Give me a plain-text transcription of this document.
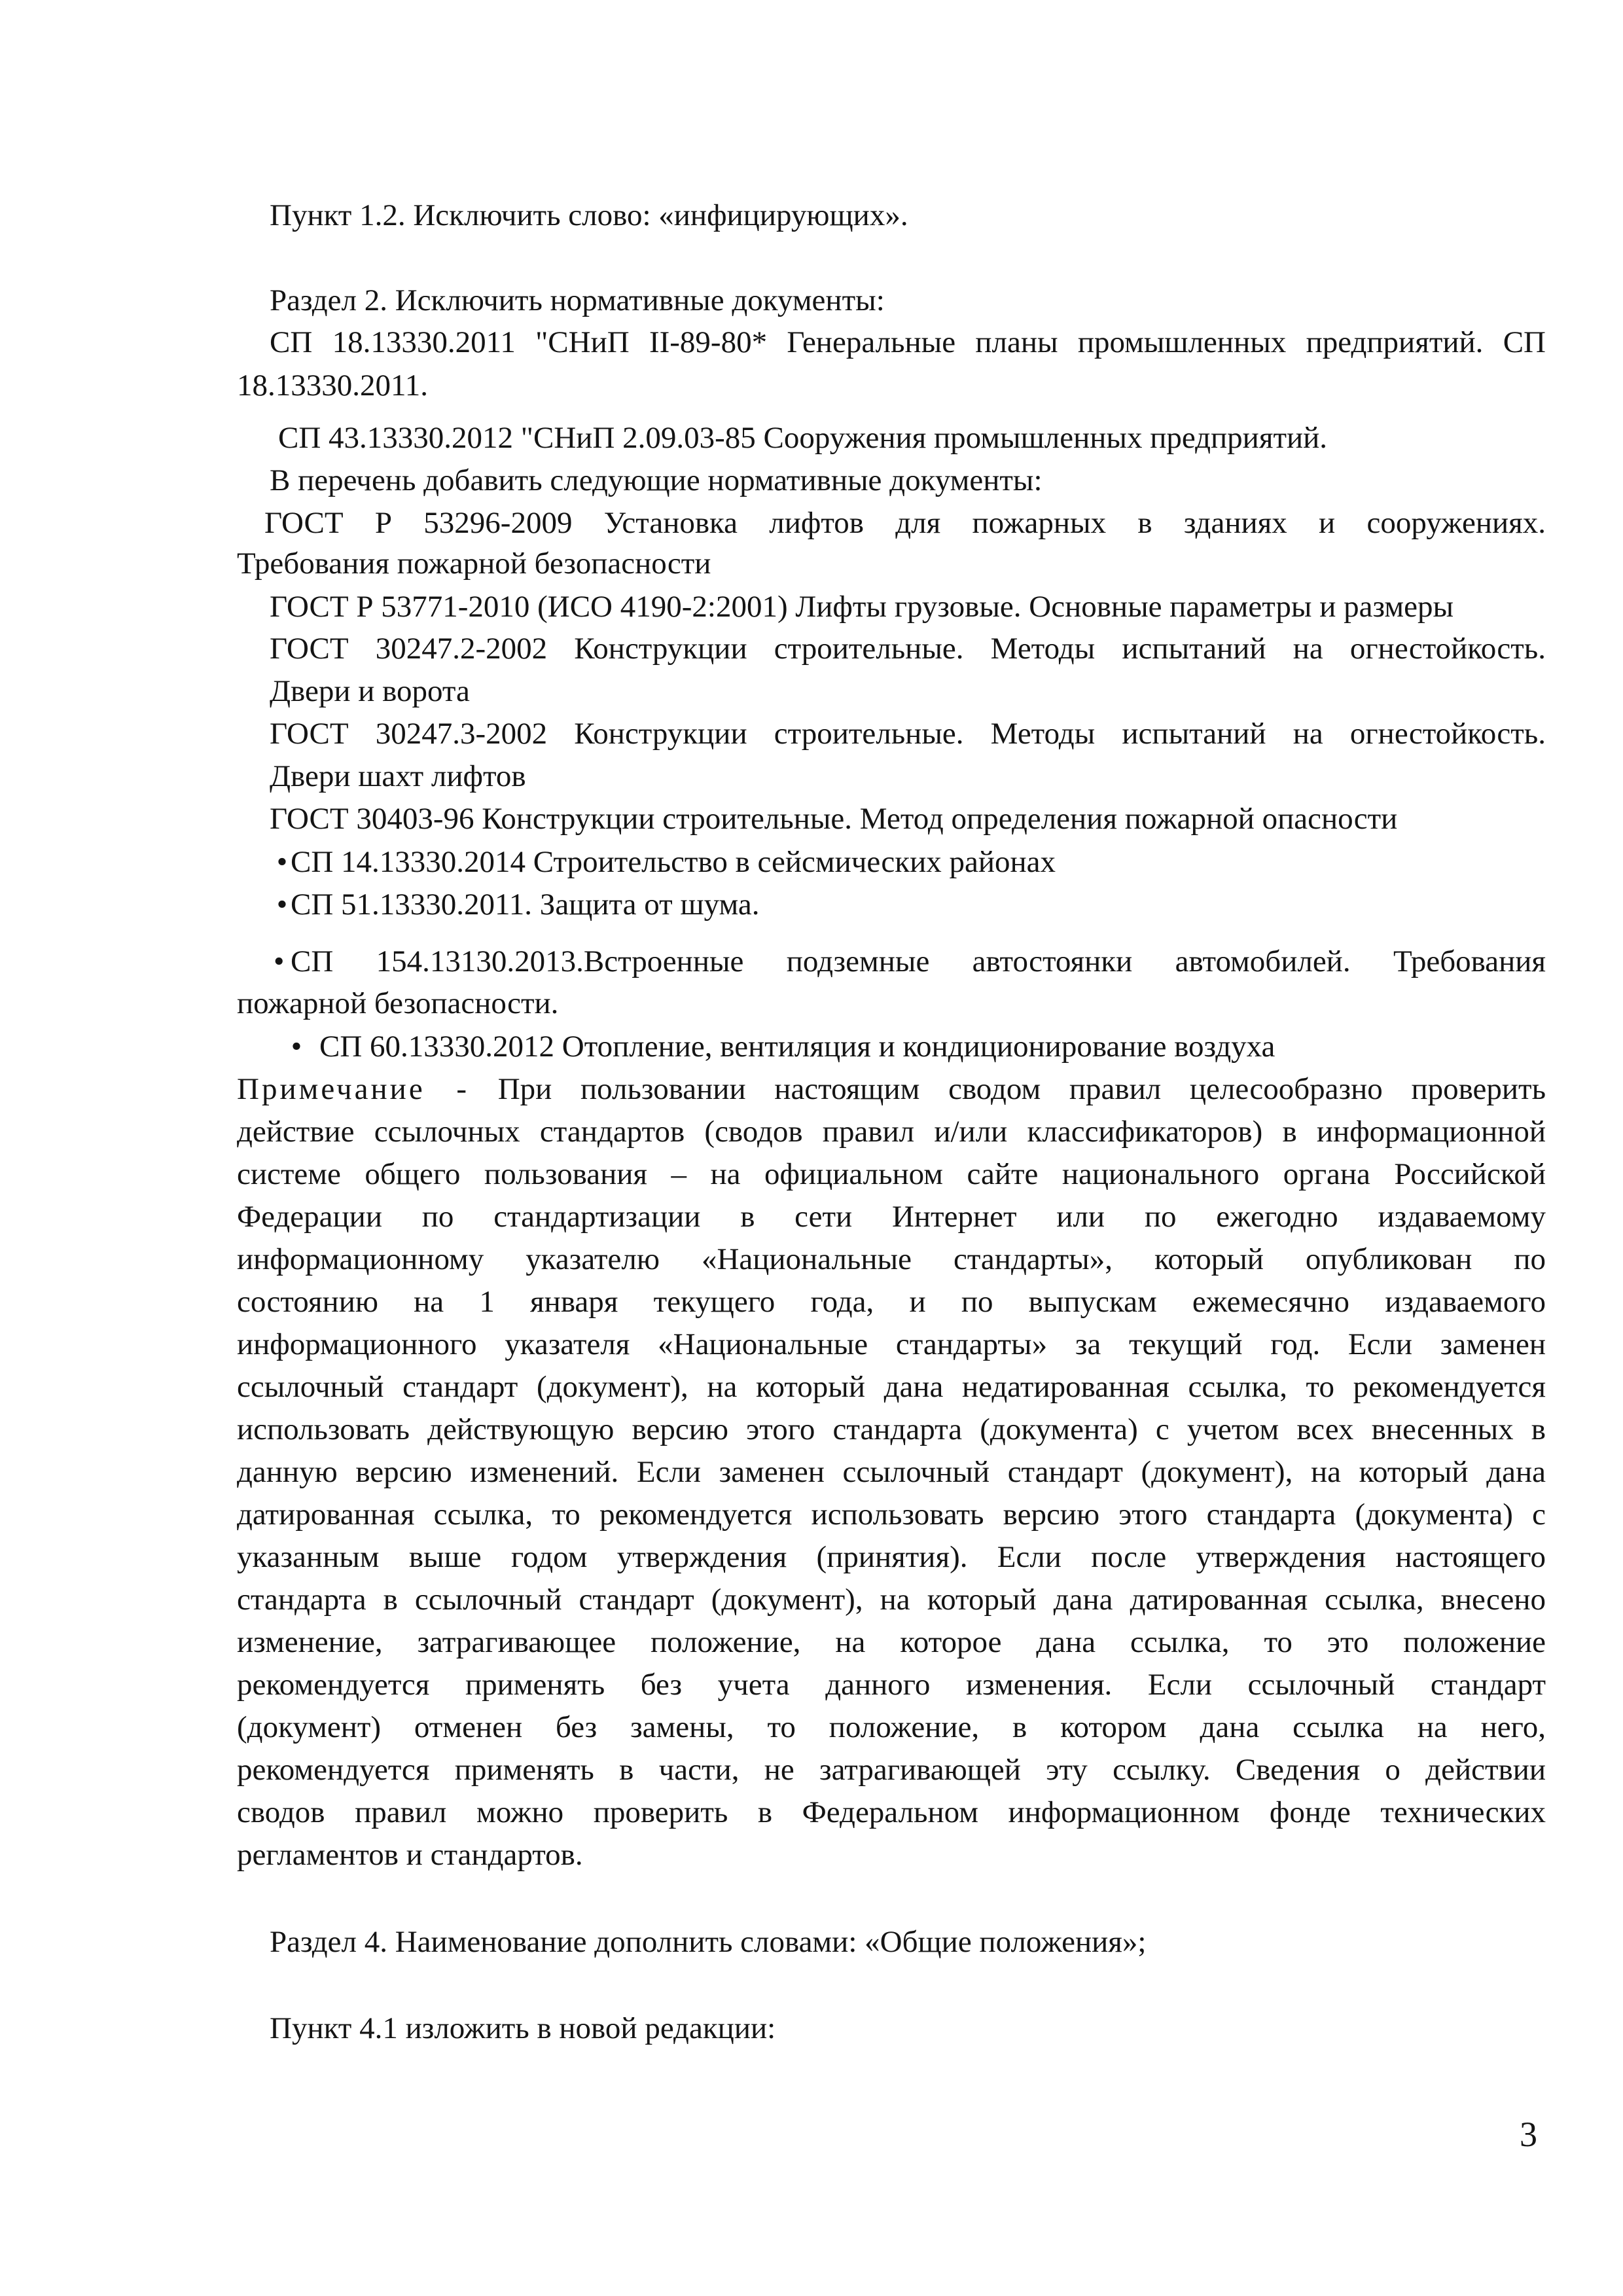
Пункт 1.2. Исключить слово: «инфицирующих».
Раздел 2. Исключить нормативные документы:
СП 18.13330.2011 "СНиП II-89-80* Генеральные планы промышленных предприятий. СП
18.13330.2011.
СП 43.13330.2012 "СНиП 2.09.03-85 Сооружения промышленных предприятий.
В перечень добавить следующие нормативные документы:
ГОСТ Р 53296-2009 Установка лифтов для пожарных в зданиях и сооружениях.
Требования пожарной безопасности
ГОСТ Р 53771-2010 (ИСО 4190-2:2001) Лифты грузовые. Основные параметры и размеры
ГОСТ 30247.2-2002 Конструкции строительные. Методы испытаний на огнестойкость.
Двери и ворота
ГОСТ 30247.3-2002 Конструкции строительные. Методы испытаний на огнестойкость.
Двери шахт лифтов
ГОСТ 30403-96 Конструкции строительные. Метод определения пожарной опасности
• СП 14.13330.2014 Строительство в сейсмических районах
• СП 51.13330.2011. Защита от шума.
• СП 154.13130.2013.Встроенные подземные автостоянки автомобилей. Требования
пожарной безопасности.
• СП 60.13330.2012 Отопление, вентиляция и кондиционирование воздуха
Примечание - При пользовании настоящим сводом правил целесообразно проверить
действие ссылочных стандартов (сводов правил и/или классификаторов) в информационной
системе общего пользования – на официальном сайте национального органа Российской
Федерации по стандартизации в сети Интернет или по ежегодно издаваемому
информационному указателю «Национальные стандарты», который опубликован по
состоянию на 1 января текущего года, и по выпускам ежемесячно издаваемого
информационного указателя «Национальные стандарты» за текущий год. Если заменен
ссылочный стандарт (документ), на который дана недатированная ссылка, то рекомендуется
использовать действующую версию этого стандарта (документа) с учетом всех внесенных в
данную версию изменений. Если заменен ссылочный стандарт (документ), на который дана
датированная ссылка, то рекомендуется использовать версию этого стандарта (документа) с
указанным выше годом утверждения (принятия). Если после утверждения настоящего
стандарта в ссылочный стандарт (документ), на который дана датированная ссылка, внесено
изменение, затрагивающее положение, на которое дана ссылка, то это положение
рекомендуется применять без учета данного изменения. Если ссылочный стандарт
(документ) отменен без замены, то положение, в котором дана ссылка на него,
рекомендуется применять в части, не затрагивающей эту ссылку. Сведения о действии
сводов правил можно проверить в Федеральном информационном фонде технических
регламентов и стандартов.
Раздел 4. Наименование дополнить словами: «Общие положения»;
Пункт 4.1 изложить в новой редакции:
3
